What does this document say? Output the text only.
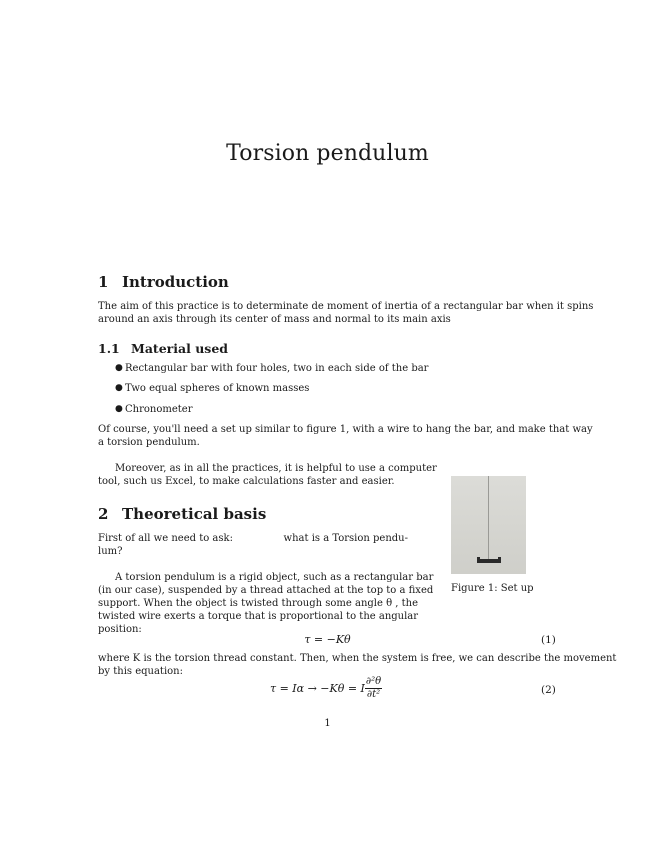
Torsion pendulum
1 Introduction
The aim of this practice is to determinate de moment of inertia of a rectangular bar when it spins
around an axis through its center of mass and normal to its main axis
1.1 Material used
● Rectangular bar with four holes, two in each side of the bar
● Two equal spheres of known masses
● Chronometer
Of course, you'll need a set up similar to figure 1, with a wire to hang the bar, and make that way
a torsion pendulum.
Moreover, as in all the practices, it is helpful to use a computer
tool, such us Excel, to make calculations faster and easier.
2 Theoretical basis
First of all we need to ask:	what is a Torsion pendu-
lum?
A torsion pendulum is a rigid object, such as a rectangular bar
(in our case), suspended by a thread attached at the top to a fixed
support. When the object is twisted through some angle θ , the
twisted wire exerts a torque that is proportional to the angular
position:
τ = −Kθ	(1)
where K is the torsion thread constant. Then, when the system is free, we can describe the movement
by this equation:
τ = Iα → −Kθ = I $\frac{\text{∂²θ}}{\text{∂t²}}$	(2)
Figure 1: Set up
1
